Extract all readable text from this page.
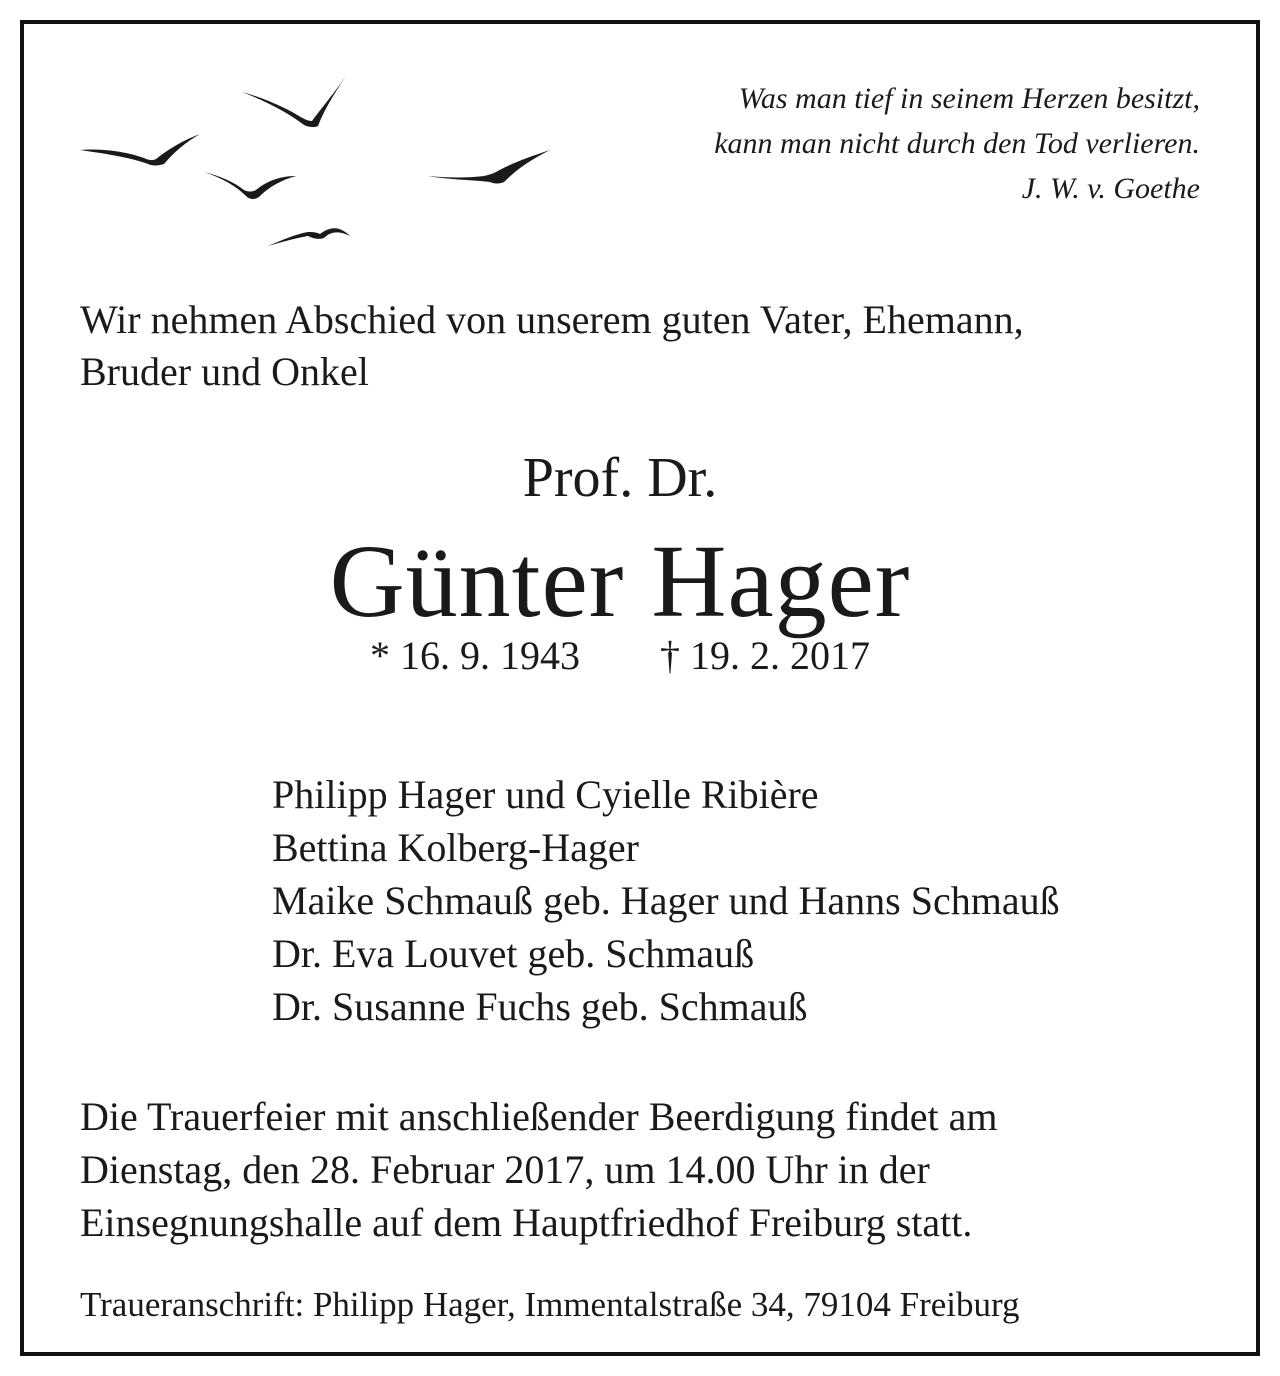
Was man tief in seinem Herzen besitzt,
kann man nicht durch den Tod verlieren.
J. W. v. Goethe
Wir nehmen Abschied von unserem guten Vater, Ehemann,
Bruder und Onkel
Prof. Dr.
Günter Hager
* 16. 9. 1943 † 19. 2. 2017
Philipp Hager und Cyielle Ribière
Bettina Kolberg-Hager
Maike Schmauß geb. Hager und Hanns Schmauß
Dr. Eva Louvet geb. Schmauß
Dr. Susanne Fuchs geb. Schmauß
Die Trauerfeier mit anschließender Beerdigung findet am
Dienstag, den 28. Februar 2017, um 14.00 Uhr in der
Einsegnungshalle auf dem Hauptfriedhof Freiburg statt.
Traueranschrift: Philipp Hager, Immentalstraße 34, 79104 Freiburg
